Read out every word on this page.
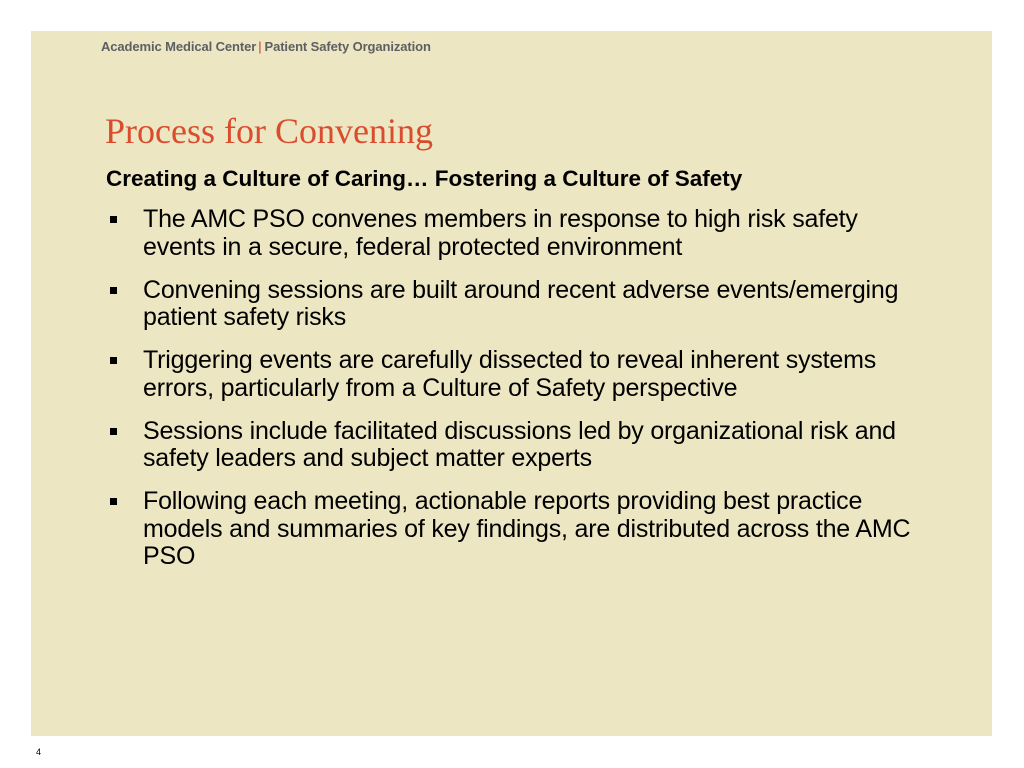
Academic Medical Center | Patient Safety Organization
Process for Convening
Creating a Culture of Caring… Fostering a Culture of Safety
The AMC PSO convenes members in response to high risk safety events in a secure, federal protected environment
Convening sessions are built around recent adverse events/emerging patient safety risks
Triggering events are carefully dissected to reveal inherent systems errors, particularly from a Culture of Safety perspective
Sessions include facilitated discussions led by organizational risk and safety leaders and subject matter experts
Following each meeting, actionable reports providing best practice models and summaries of key findings, are distributed across the AMC PSO
4
